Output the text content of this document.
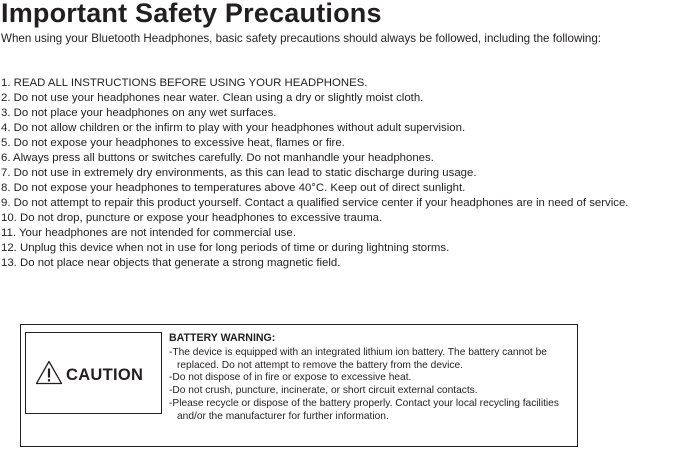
Important Safety Precautions

When using your Bluetooth Headphones, basic safety precautions should always be followed, including the following:

1. READ ALL INSTRUCTIONS BEFORE USING YOUR HEADPHONES.
2. Do not use your headphones near water. Clean using a dry or slightly moist cloth.
3. Do not place your headphones on any wet surfaces.
4. Do not allow children or the infirm to play with your headphones without adult supervision.
5. Do not expose your headphones to excessive heat, flames or fire.
6. Always press all buttons or switches carefully. Do not manhandle your headphones.
7. Do not use in extremely dry environments, as this can lead to static discharge during usage.
8. Do not expose your headphones to temperatures above 40°C. Keep out of direct sunlight.
9. Do not attempt to repair this product yourself. Contact a qualified service center if your headphones are in need of service.
10. Do not drop, puncture or expose your headphones to excessive trauma.
11. Your headphones are not intended for commercial use.
12. Unplug this device when not in use for long periods of time or during lightning storms.
13. Do not place near objects that generate a strong magnetic field.
CAUTION

BATTERY WARNING:

-The device is equipped with an integrated lithium ion battery. The battery cannot be replaced. Do not attempt to remove the battery from the device.
-Do not dispose of in fire or expose to excessive heat.
-Do not crush, puncture, incinerate, or short circuit external contacts.
-Please recycle or dispose of the battery properly. Contact your local recycling facilities and/or the manufacturer for further information.
